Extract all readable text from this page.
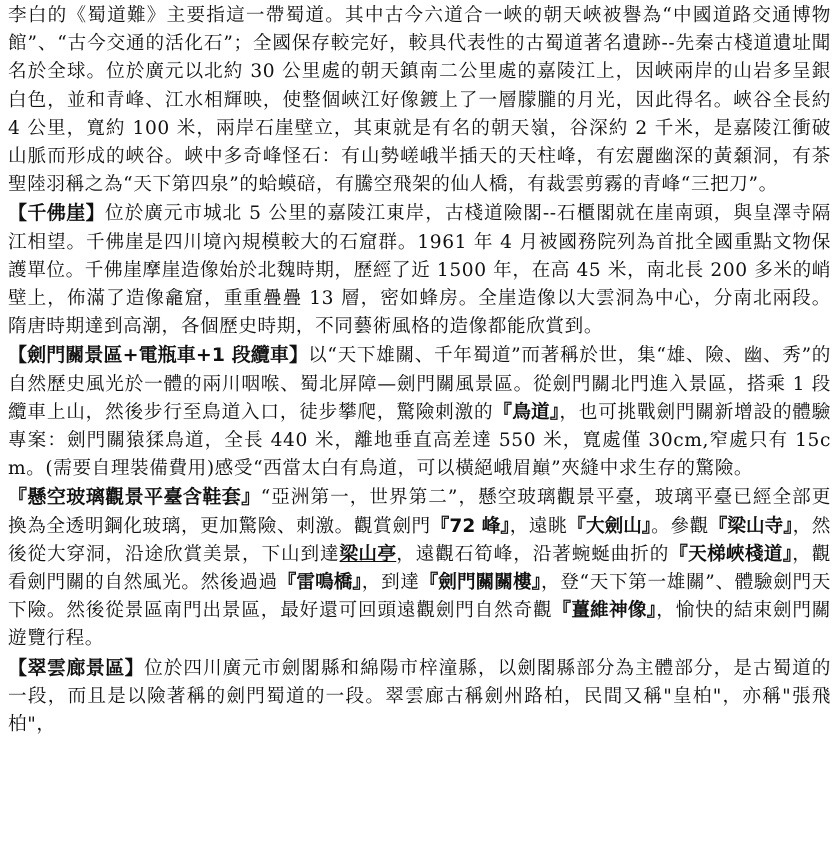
李白的《蜀道難》主要指這一帶蜀道。其中古今六道合一峽的朝天峽被譽為“中國道路交通博物館”、“古今交通的活化石”；全國保存較完好，較具代表性的古蜀道著名遺跡--先秦古棧道遺址聞名於全球。位於廣元以北約 30 公里處的朝天鎮南二公里處的嘉陵江上，因峽兩岸的山岩多呈銀白色，並和青峰、江水相輝映，使整個峽江好像鍍上了一層朦朧的月光，因此得名。峽谷全長約 4 公里，寬約 100 米，兩岸石崖壁立，其東就是有名的朝天嶺，谷深約 2 千米，是嘉陵江衝破山脈而形成的峽谷。峽中多奇峰怪石：有山勢嵯峨半插天的天柱峰，有宏麗幽深的黃顙洞，有茶聖陸羽稱之為“天下第四泉”的蛤蟆碚，有騰空飛架的仙人橋，有裁雲剪霧的青峰“三把刀”。

【千佛崖】位於廣元市城北 5 公里的嘉陵江東岸，古棧道險閣--石櫃閣就在崖南頭，與皇澤寺隔江相望。千佛崖是四川境內規模較大的石窟群。1961 年 4 月被國務院列為首批全國重點文物保護單位。千佛崖摩崖造像始於北魏時期，歷經了近 1500 年，在高 45 米，南北長 200 多米的峭壁上，佈滿了造像龕窟，重重疊疊 13 層，密如蜂房。全崖造像以大雲洞為中心，分南北兩段。隋唐時期達到高潮，各個歷史時期，不同藝術風格的造像都能欣賞到。

【劍門關景區+電瓶車+1 段纜車】以“天下雄關、千年蜀道”而著稱於世，集“雄、險、幽、秀”的自然歷史風光於一體的兩川咽喉、蜀北屏障—劍門關風景區。從劍門關北門進入景區，搭乘 1 段纜車上山，然後步行至鳥道入口，徒步攀爬，驚險刺激的『鳥道』，也可挑戰劍門關新增設的體驗專案：劍門關猿猱鳥道，全長 440 米，離地垂直高差達 550 米，寬處僅 30cm,窄處只有 15cm。(需要自理裝備費用)感受“西當太白有鳥道，可以橫絕峨眉巔”夾縫中求生存的驚險。

『懸空玻璃觀景平臺含鞋套』“亞洲第一，世界第二”，懸空玻璃觀景平臺，玻璃平臺已經全部更換為全透明鋼化玻璃，更加驚險、刺激。觀賞劍門『72 峰』，遠眺『大劍山』。參觀『梁山寺』，然後從大穿洞，沿途欣賞美景，下山到達梁山亭，遠觀石筍峰，沿著蜿蜒曲折的『天梯峽棧道』，觀看劍門關的自然風光。然後過過『雷鳴橋』，到達『劍門關關樓』，登“天下第一雄關”、體驗劍門天下險。然後從景區南門出景區，最好還可回頭遠觀劍門自然奇觀『薑維神像』，愉快的結束劍門關遊覽行程。

【翠雲廊景區】位於四川廣元市劍閣縣和綿陽市梓潼縣，以劍閣縣部分為主體部分，是古蜀道的一段，而且是以險著稱的劍門蜀道的一段。翠雲廊古稱劍州路柏，民間又稱"皇柏"，亦稱"張飛柏"，
